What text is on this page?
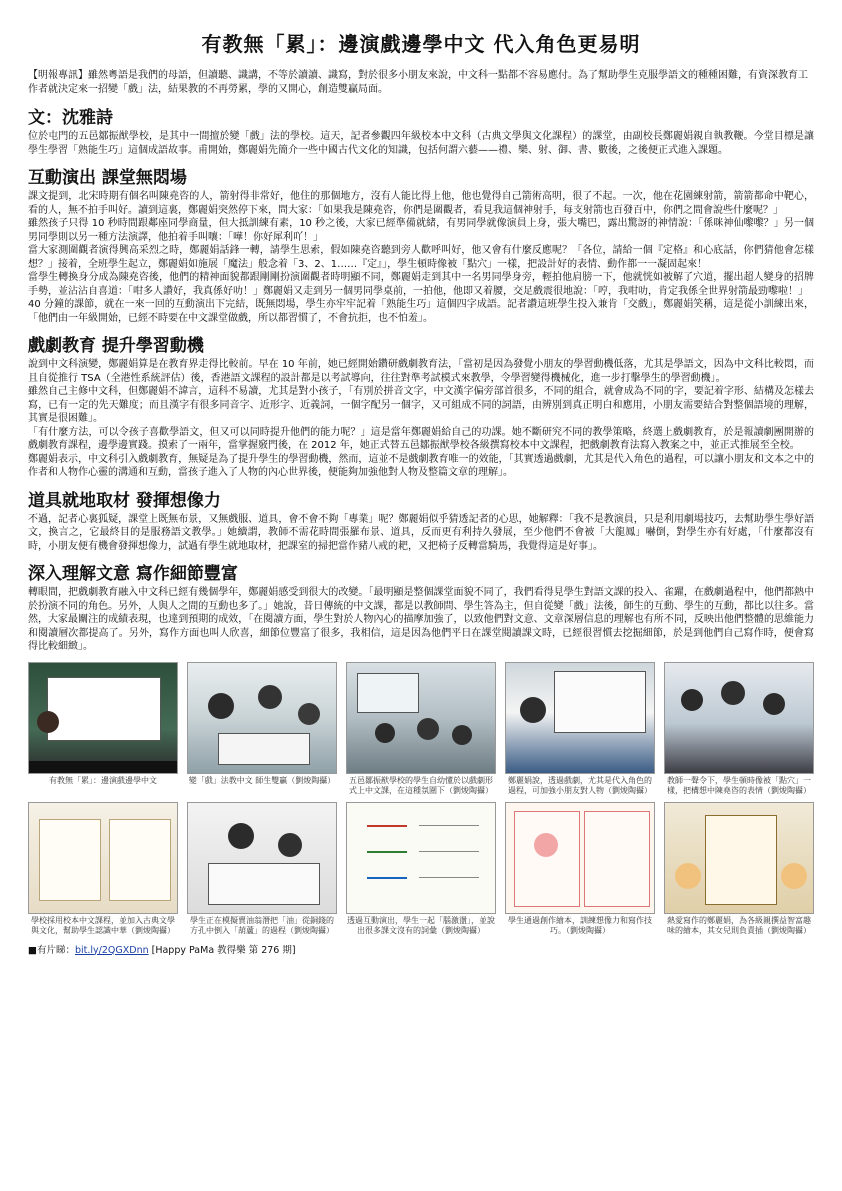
有教無「累」：邊演戲邊學中文 代入角色更易明

【明報專訊】雖然粵語是我們的母語，但讀聽、識講，不等於讀讀、識寫，對於很多小朋友來說，中文科一點都不容易應付。為了幫助學生克服學語文的種種困難，有資深教育工作者就決定來一招變「戲」法，結果教的不再勞累，學的又開心，創造雙贏局面。

文：沈雅詩

位於屯門的五邑鄒振猷學校，是其中一間擅於變「戲」法的學校。這天，記者參觀四年級校本中文科（古典文學與文化課程）的課堂，由副校長鄭麗娟親自執教鞭。今堂目標是讓學生學習「熟能生巧」這個成語故事。甫開始，鄭麗娟先簡介一些中國古代文化的知識，包括何謂六藝——禮、樂、射、御、書、數後，之後便正式進入課題。

互動演出 課堂無悶場

課文提到，北宋時期有個名叫陳堯咨的人，箭射得非常好，他住的那個地方，沒有人能比得上他，他也覺得自己箭術高明，很了不起。一次，他在花園練射箭，箭箭都命中靶心，看的人，無不拍手叫好。讀到這裏，鄭麗娟突然停下來，問大家：「如果我是陳堯咨，你們是圍觀者，看見我這個神射手，每支射箭也百發百中，你們之間會說些什麼呢？」

雖然孩子只得 10 秒時間跟鄰座同學商量，但大抵訓練有素，10 秒之後，大家已經準備就緒，有男同學就像演員上身，張大嘴巴，露出驚訝的神情說：「係咪神仙嚟嚟？」另一個男同學則以另一種方法演譯，他拍着手叫嚷：「嘩！你好犀利吖！」

當大家測圍觀者演得興高采烈之時，鄭麗娟話鋒一轉，請學生思索，假如陳堯咨聽到旁人歡呼叫好，他又會有什麼反應呢？「各位，請給一個『定格』和心底話，你們猜他會怎樣想？」接着，全班學生起立，鄭麗娟如施展「魔法」般念着「3、2、1……『定』」，學生頓時像被「點穴」一樣，把設計好的表情、動作都一一凝固起來！

當學生轉換身分成為陳堯咨後，他們的精神面貌都跟剛剛扮演圍觀者時明顯不同，鄭麗娟走到其中一名男同學身旁，輕拍他肩膀一下，他就恍如被解了穴道，擺出超人變身的招牌手勢，並沾沾自喜道：「咁多人讚好，我真係好叻！」鄭麗娟又走到另一個男同學桌前，一拍他，他即又着腰，交足戲震很地說：「哼，我咁叻，肯定我係全世界射箭最勁嚟啦！」

40 分鐘的課節，就在一來一回的互動演出下完結，既無悶場，學生亦牢牢記着「熟能生巧」這個四字成語。記者讚這班學生投入兼肯「交戲」，鄭麗娟笑稱，這是從小訓練出來，「他們由一年級開始，已經不時要在中文課堂做戲，所以都習慣了，不會抗拒，也不怕羞」。

戲劇教育 提升學習動機

說到中文科演變，鄭麗娟算是在教育界走得比較前。早在 10 年前，她已經開始鑽研戲劇教育法，「當初是因為發覺小朋友的學習動機低落，尤其是學語文，因為中文科比較悶，而且自從推行 TSA（全港性系統評估）後，香港語文課程的設計都是以考試導向，往往對準考試模式來教學，令學習變得機械化，進一步打擊學生的學習動機」。

雖然自己主修中文科，但鄭麗娟不諱言，這科不易讀，尤其是對小孩子，「有別於拼音文字，中文漢字偏旁部首很多，不同的組合，就會成為不同的字，要記着字形、結構及怎樣去寫，已有一定的先天難度；而且漢字有很多同音字、近形字、近義詞，一個字配另一個字，又可組成不同的詞語，由辨別到真正明白和應用，小朋友需要結合對整個語境的理解，其實是很困難」。

「有什麼方法，可以令孩子喜歡學語文，但又可以同時提升他們的能力呢？」這是當年鄭麗娟給自己的功課。她不斷研究不同的教學策略，終選上戲劇教育，於是報讀劇團開辦的戲劇教育課程，邊學邊實踐。摸索了一兩年，當掌握竅門後，在 2012 年，她正式替五邑鄒振猷學校各級撰寫校本中文課程，把戲劇教育法寫入教案之中，並正式推展至全校。

鄭麗娟表示，中文科引入戲劇教育，無疑是為了提升學生的學習動機，然而，這並不是戲劇教育唯一的效能，「其實透過戲劇，尤其是代入角色的過程，可以讓小朋友和文本之中的作者和人物作心靈的溝通和互動，當孩子進入了人物的內心世界後，便能夠加強他對人物及整篇文章的理解」。

道具就地取材 發揮想像力

不過，記者心裏狐疑，課堂上既無布景，又無戲服、道具，會不會不夠「專業」呢？鄭麗娟似乎猜透記者的心思，她解釋：「我不是教演員，只是利用劇場技巧，去幫助學生學好語文，換言之，它最終目的是服務語文教學。」她續謂，教師不需花時間張羅布景、道具，反而更有利持久發展，至少他們不會被「大龍鳳」嚇倒，對學生亦有好處，「什麼都沒有時，小朋友便有機會發揮想像力，試過有學生就地取材，把課室的掃把當作豬八戒的耙，又把椅子反轉當騎馬，我覺得這是好事」。

深入理解文意 寫作細節豐富

轉眼間，把戲劇教育融入中文科已經有幾個學年，鄭麗娟感受到很大的改變。「最明顯是整個課堂面貌不同了，我們看得見學生對語文課的投入、雀躍，在戲劇過程中，他們都熱中於扮演不同的角色。另外，人與人之間的互動也多了。」她說，昔日傳統的中文課，都是以教師問、學生答為主，但自從變「戲」法後，師生的互動、學生的互動，都比以往多。當然，大家最關注的成績表現，也達到預期的成效，「在閱讀方面，學生對於人物內心的描摩加強了，以致他們對文意、文章深層信息的理解也有所不同，反映出他們整體的思維能力和閱讀層次都提高了。另外，寫作方面也叫人欣喜，細節位豐富了很多，我相信，這是因為他們平日在課堂閱讀課文時，已經很習慣去挖掘細節，於是到他們自己寫作時，便會寫得比較細緻」。

有教無「累」：邊演戲邊學中文	變「戲」法教中文 師生雙贏（劉焌陶攝）	五邑鄒振猷學校的學生自幼懂於以戲劇形式上中文課，在這種氛圍下（劉焌陶攝）
鄭麗娟說，透過戲劇，尤其是代入角色的過程，可加強小朋友對人物（劉焌陶攝）
教師一聲令下，學生頓時像被「點穴」一樣，把構想中陳堯咨的表情（劉焌陶攝）
學校採用校本中文課程，並加入古典文學與文化，幫助學生認識中華（劉焌陶攝）
學生正在模擬賣油翁潛把「油」從銅錢的方孔中倒入「葫蘆」的過程（劉焌陶攝）
透過互動演出，學生一起「腦激盪」，並說出很多課文沒有的詞彙（劉焌陶攝）
學生通過創作繪本，訓練想像力和寫作技巧。（劉焌陶攝）
熱愛寫作的鄭麗娟，為各級親撰益智富趣味的繪本，其女兒則負責插（劉焌陶攝）
■有片睇：bit.ly/2QGXDnn [Happy PaMa 教得樂 第 276 期]
